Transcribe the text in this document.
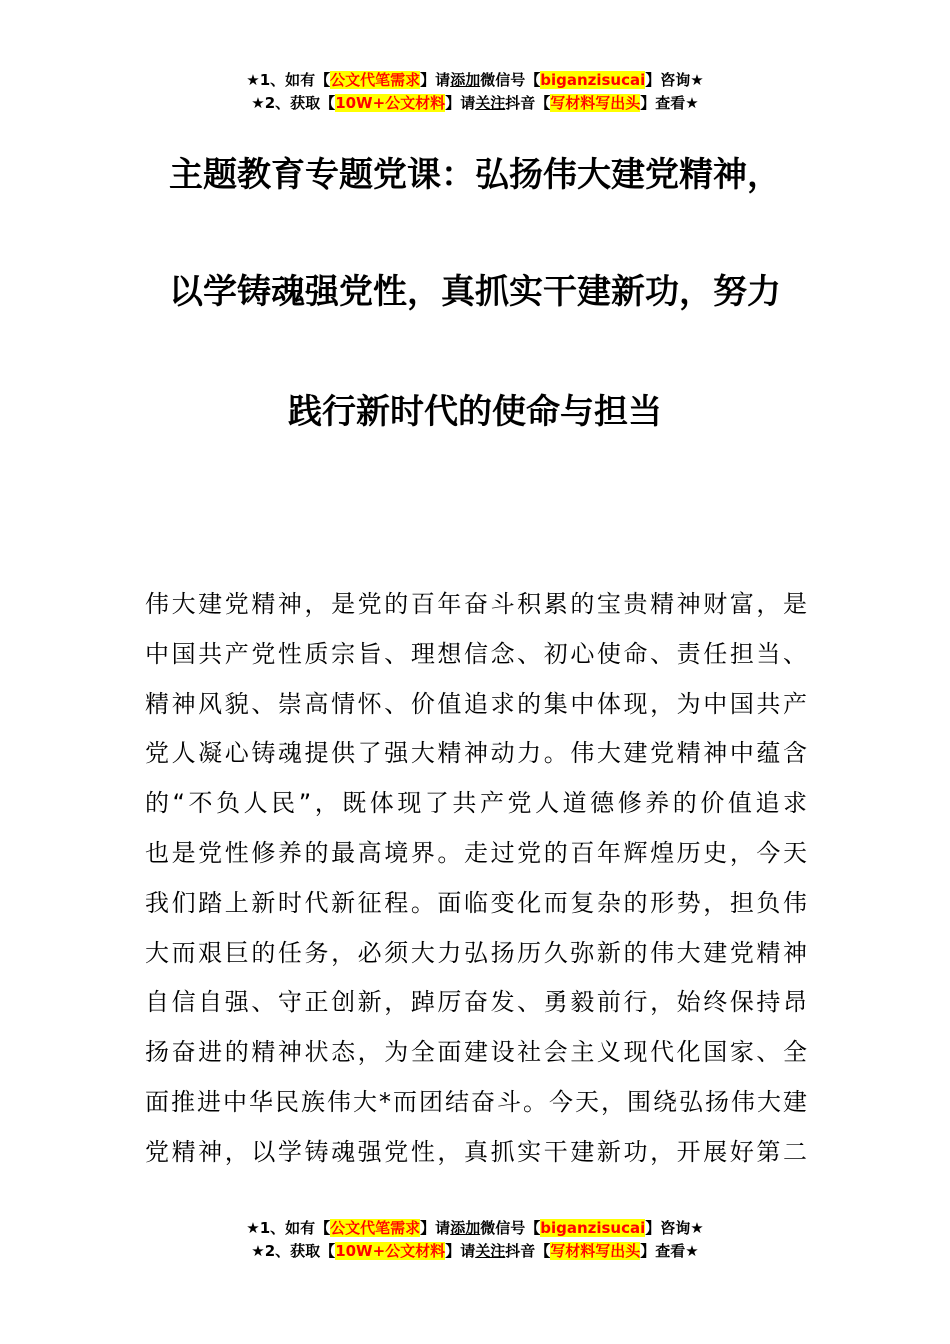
★1、如有【公文代笔需求】请添加微信号【biganzisucai】咨询★
★2、获取【10W+公文材料】请关注抖音【写材料写出头】查看★
主题教育专题党课：弘扬伟大建党精神，
以学铸魂强党性，真抓实干建新功，努力
践行新时代的使命与担当
伟大建党精神，是党的百年奋斗积累的宝贵精神财富，是
中国共产党性质宗旨、理想信念、初心使命、责任担当、
精神风貌、崇高情怀、价值追求的集中体现，为中国共产
党人凝心铸魂提供了强大精神动力。伟大建党精神中蕴含
的“不负人民”，既体现了共产党人道德修养的价值追求
也是党性修养的最高境界。走过党的百年辉煌历史，今天
我们踏上新时代新征程。面临变化而复杂的形势，担负伟
大而艰巨的任务，必须大力弘扬历久弥新的伟大建党精神
自信自强、守正创新，踔厉奋发、勇毅前行，始终保持昂
扬奋进的精神状态，为全面建设社会主义现代化国家、全
面推进中华民族伟大*而团结奋斗。今天，围绕弘扬伟大建
党精神，以学铸魂强党性，真抓实干建新功，开展好第二
★1、如有【公文代笔需求】请添加微信号【biganzisucai】咨询★
★2、获取【10W+公文材料】请关注抖音【写材料写出头】查看★
